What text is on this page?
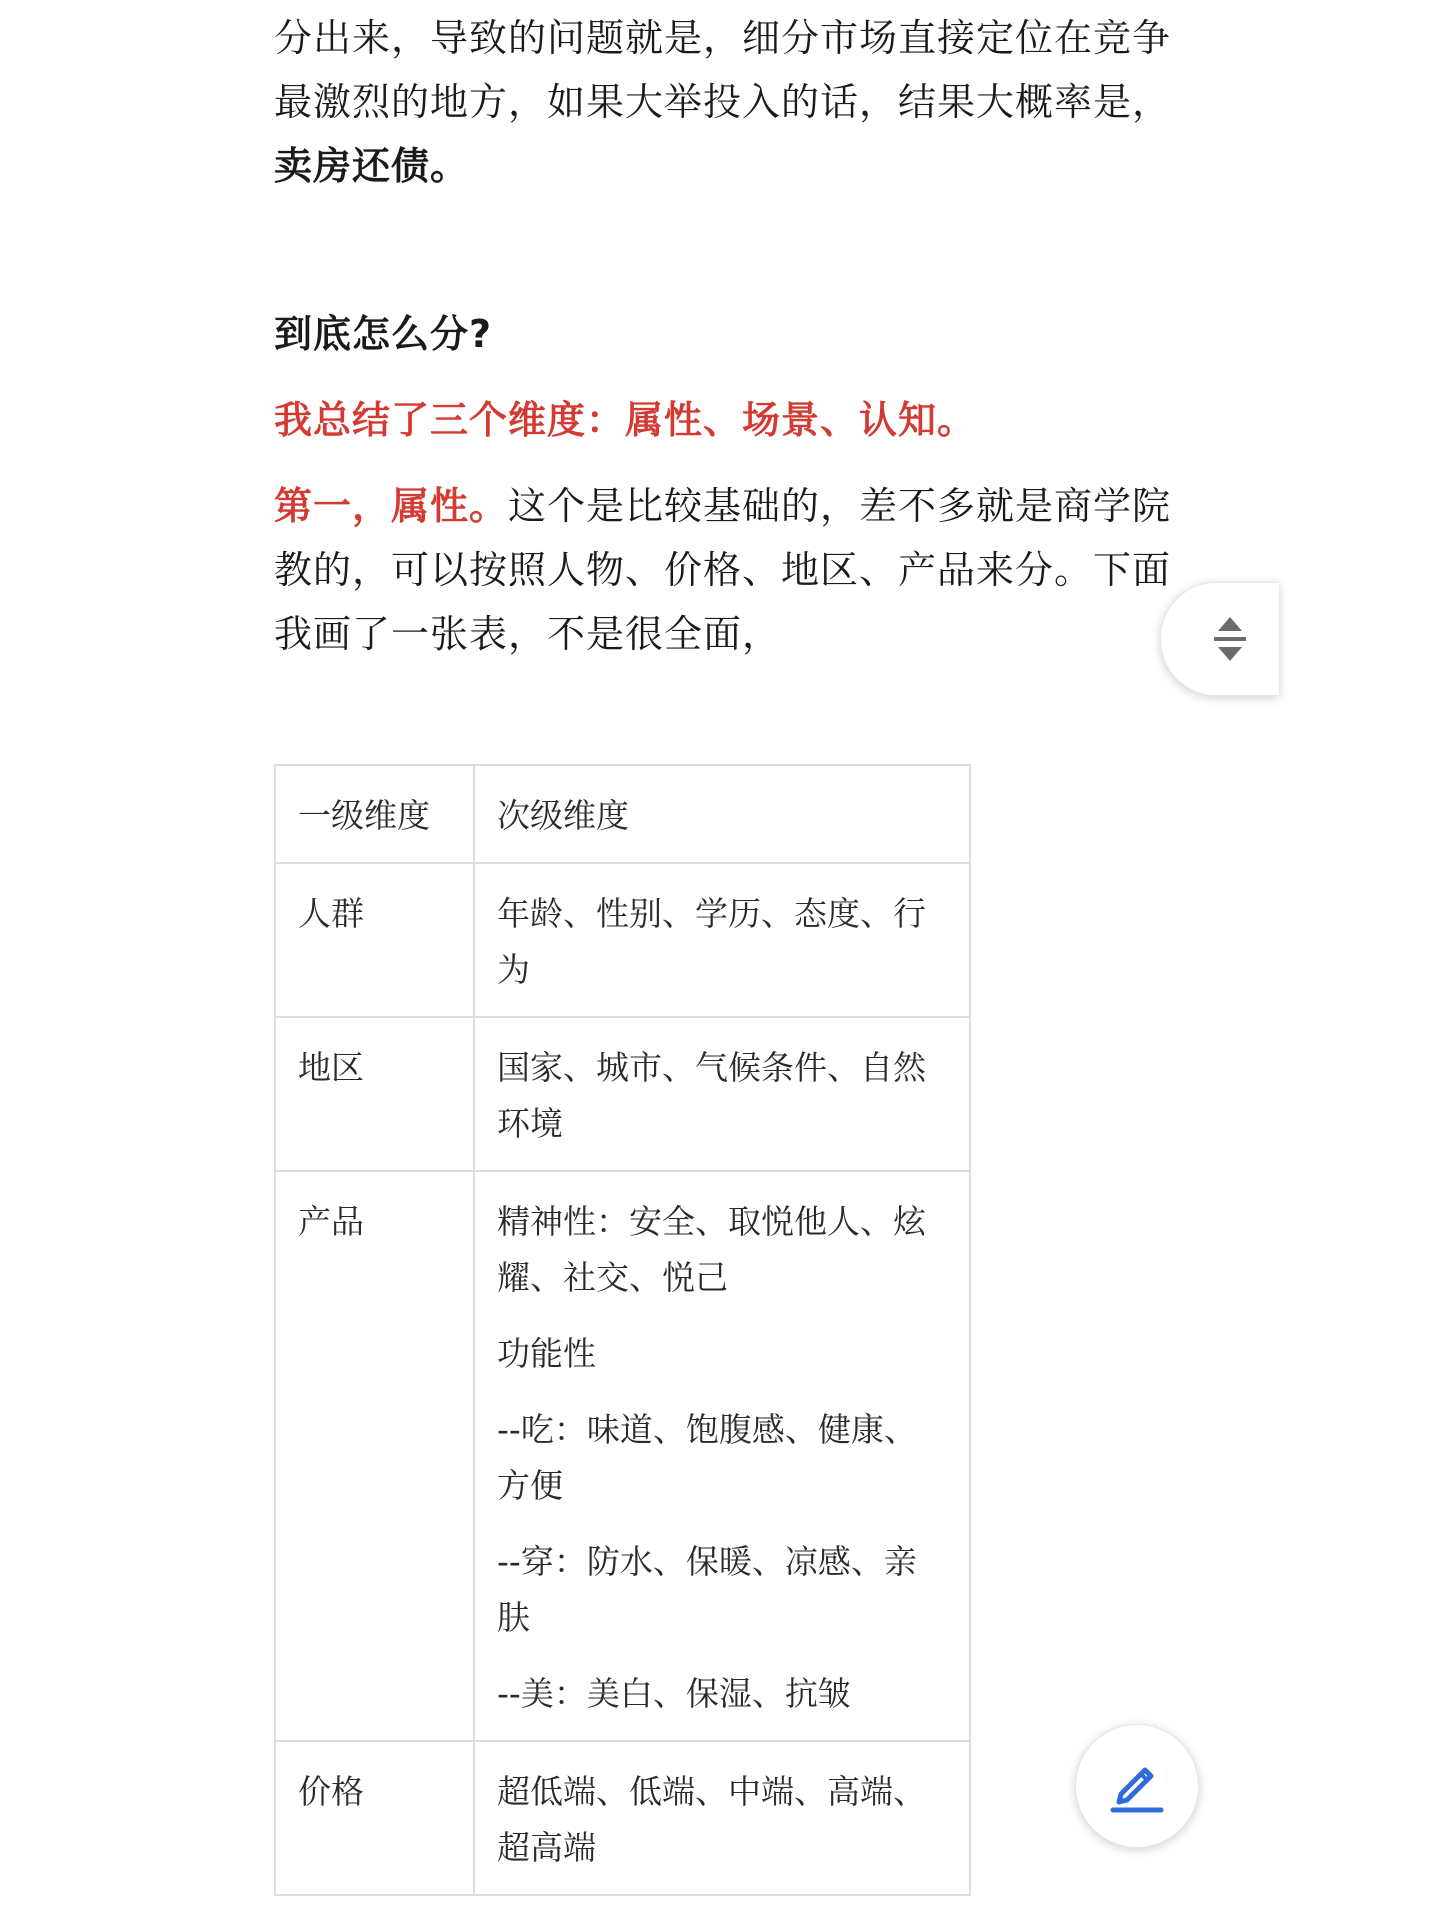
分出来，导致的问题就是，细分市场直接定位在竞争最激烈的地方，如果大举投入的话，结果大概率是，卖房还债。

到底怎么分?

我总结了三个维度：属性、场景、认知。

第一，属性。这个是比较基础的，差不多就是商学院教的，可以按照人物、价格、地区、产品来分。下面我画了一张表，不是很全面，

一级维度	次级维度
人群	年龄、性别、学历、态度、行为

地区	国家、城市、气候条件、自然环境

产品	精神性：安全、取悦他人、炫耀、社交、悦己

功能性

--吃：味道、饱腹感、健康、方便

--穿：防水、保暖、凉感、亲肤

--美：美白、保湿、抗皱

价格	超低端、低端、中端、高端、超高端
